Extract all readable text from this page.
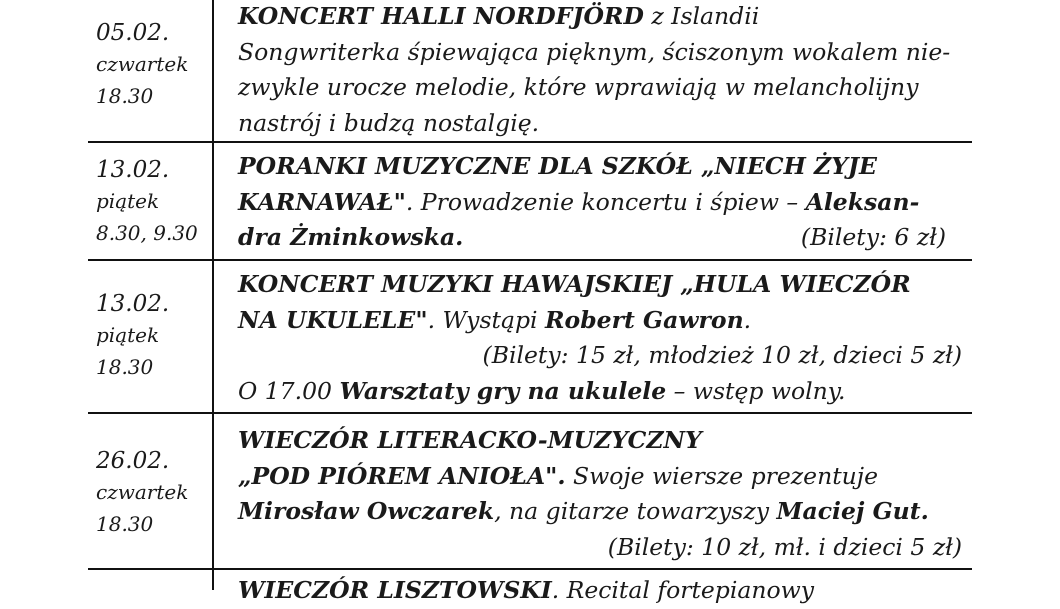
05.02.
czwartek
18.30
KONCERT HALLI NORDFJÖRD z Islandii
Songwriterka śpiewająca pięknym, ściszonym wokalem nie-
zwykle urocze melodie, które wprawiają w melancholijny
nastrój i budzą nostalgię.
13.02.
piątek
8.30, 9.30
PORANKI MUZYCZNE DLA SZKÓŁ „NIECH ŻYJE
KARNAWAŁ". Prowadzenie koncertu i śpiew – Aleksan-
dra Żminkowska.	(Bilety: 6 zł)
13.02.
piątek
18.30
KONCERT MUZYKI HAWAJSKIEJ „HULA WIECZÓR
NA UKULELE". Wystąpi Robert Gawron.
(Bilety: 15 zł, młodzież 10 zł, dzieci 5 zł)
O 17.00 Warsztaty gry na ukulele – wstęp wolny.
26.02.
czwartek
18.30
WIECZÓR LITERACKO-MUZYCZNY
„POD PIÓREM ANIOŁA". Swoje wiersze prezentuje
Mirosław Owczarek, na gitarze towarzyszy Maciej Gut.
(Bilety: 10 zł, mł. i dzieci 5 zł)
WIECZÓR LISZTOWSKI. Recital fortepianowy
